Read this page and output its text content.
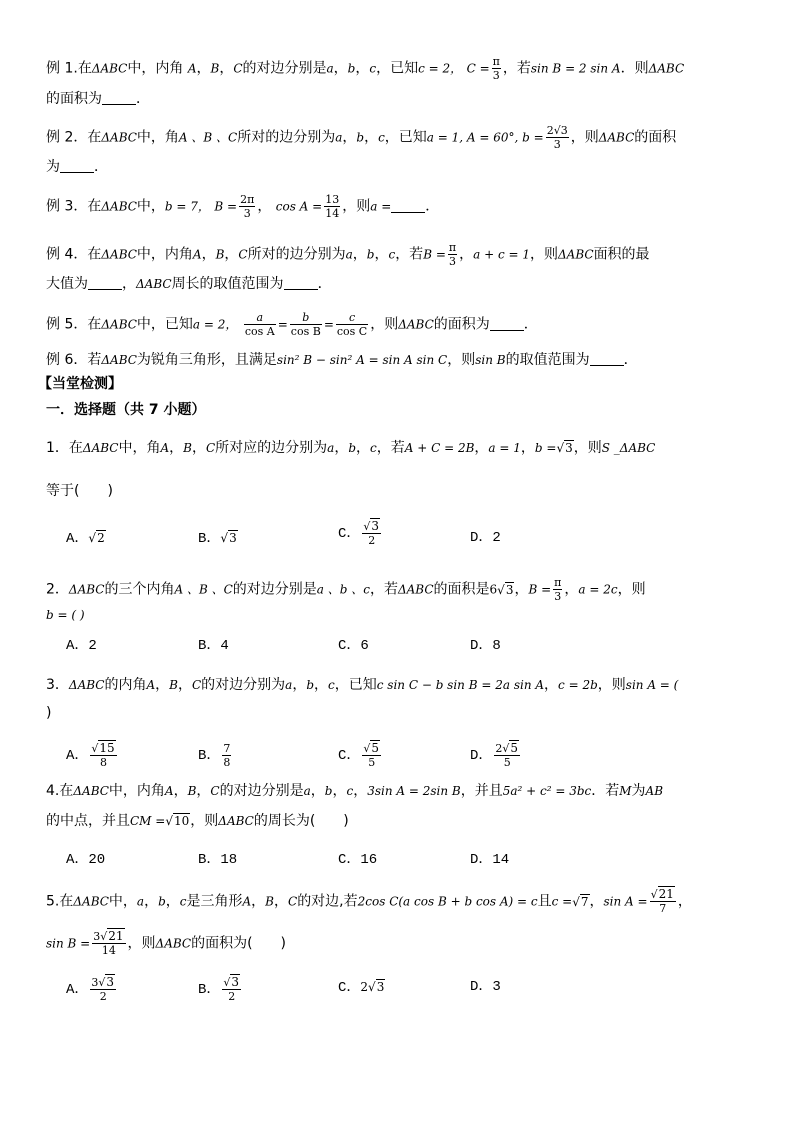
例 1.在ΔABC中，内角 A，B，C的对边分别是a，b，c，已知c = 2， $C = \frac{\pi}{3}$ ，若sin B = 2 sin A．则ΔABC
的面积为 ．
例 2．在ΔABC中，角A 、B 、C所对的边分别为a，b，c，已知a = 1, A = 60°, $b = \frac{2√3}{3}$ ，则ΔABC的面积
为 ．
例 3．在ΔABC中，b = 7， $B = \frac{2\pi}{3}$ ， $\cos A = \frac{13}{14}$ ，则a = ．
例 4．在ΔABC中，内角A，B，C所对的边分别为a，b，c，若$B = \frac{\pi}{3}$ ，a + c = 1，则ΔABC面积的最
大值为 ，ΔABC周长的取值范围为 ．
例 5．在ΔABC中，已知a = 2， $\frac{a}{\text{cos A}} = \frac{b}{\text{cos B}} = \frac{c}{\text{cos C}}$ ，则ΔABC的面积为 ．
例 6．若ΔABC为锐角三角形，且满足sin² B − sin² A = sin A sin C，则sin B的取值范围为 ．
【当堂检测】
一．选择题（共 7 小题）
1．在ΔABC中，角A，B，C所对应的边分别为a，b，c，若A + C = 2B，a = 1，b =√3，则S _ΔABC
等于(　　)
A．√2	B．√3	C． $\frac{√3}{2}$	D．2
2．ΔABC的三个内角A 、B 、C的对边分别是a 、b 、c，若ΔABC的面积是6√3，$B = \frac{\pi}{3}$ ，a = 2c，则
b = ( )
A．2	B．4	C．6	D．8
3．ΔABC的内角A，B，C的对边分别为a，b，c，已知c sin C − b sin B = 2a sin A，c = 2b，则sin A = (
)
A． $\frac{√15}{8}$	B． $\frac{7}{8}$	C． $\frac{√5}{5}$	D． $\frac{2√5}{5}$
4.在ΔABC中，内角A，B，C的对边分别是a，b，c，3sin A = 2sin B，并且5a² + c² = 3bc．若M为AB
的中点，并且CM =√10，则ΔABC的周长为(　　)
A．20	B．18	C．16	D．14
5.在ΔABC中，a，b，c是三角形A，B，C的对边,若2cos C(a cos B + b cos A) = c且c =√7，$\sin A = \frac{√21}{7}$ ，
$\sin B = \frac{3√21}{14}$ ，则ΔABC的面积为(　　)
A． $\frac{3√3}{2}$	B． $\frac{√3}{2}$	C．2√3	D．3
